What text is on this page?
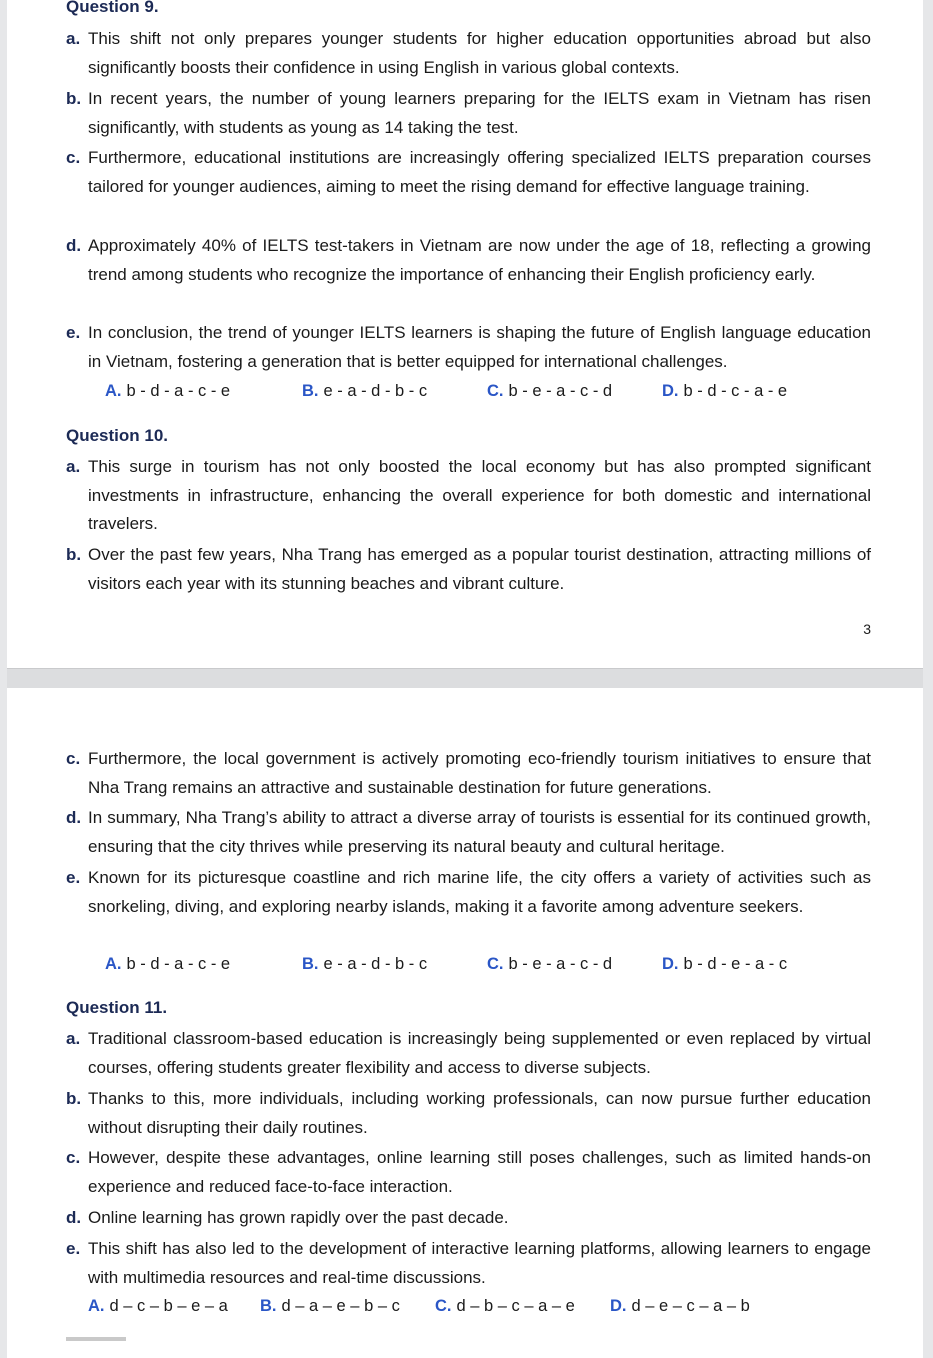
Question 9.
a. This shift not only prepares younger students for higher education opportunities abroad but also significantly boosts their confidence in using English in various global contexts.
b. In recent years, the number of young learners preparing for the IELTS exam in Vietnam has risen significantly, with students as young as 14 taking the test.
c. Furthermore, educational institutions are increasingly offering specialized IELTS preparation courses tailored for younger audiences, aiming to meet the rising demand for effective language training.
d. Approximately 40% of IELTS test-takers in Vietnam are now under the age of 18, reflecting a growing trend among students who recognize the importance of enhancing their English proficiency early.
e. In conclusion, the trend of younger IELTS learners is shaping the future of English language education in Vietnam, fostering a generation that is better equipped for international challenges.
A. b - d - a - c - e	B. e - a - d - b - c	C. b - e - a - c - d	D. b - d - c - a - e
Question 10.
a. This surge in tourism has not only boosted the local economy but has also prompted significant investments in infrastructure, enhancing the overall experience for both domestic and international travelers.
b. Over the past few years, Nha Trang has emerged as a popular tourist destination, attracting millions of visitors each year with its stunning beaches and vibrant culture.
3
c. Furthermore, the local government is actively promoting eco-friendly tourism initiatives to ensure that Nha Trang remains an attractive and sustainable destination for future generations.
d. In summary, Nha Trang’s ability to attract a diverse array of tourists is essential for its continued growth, ensuring that the city thrives while preserving its natural beauty and cultural heritage.
e. Known for its picturesque coastline and rich marine life, the city offers a variety of activities such as snorkeling, diving, and exploring nearby islands, making it a favorite among adventure seekers.
A. b - d - a - c - e	B. e - a - d - b - c	C. b - e - a - c - d	D. b - d - e - a - c
Question 11.
a. Traditional classroom-based education is increasingly being supplemented or even replaced by virtual courses, offering students greater flexibility and access to diverse subjects.
b. Thanks to this, more individuals, including working professionals, can now pursue further education without disrupting their daily routines.
c. However, despite these advantages, online learning still poses challenges, such as limited hands-on experience and reduced face-to-face interaction.
d. Online learning has grown rapidly over the past decade.
e. This shift has also led to the development of interactive learning platforms, allowing learners to engage with multimedia resources and real-time discussions.
A. d – c – b – e – a B. d – a – e – b – c C. d – b – c – a – e D. d – e – c – a – b
